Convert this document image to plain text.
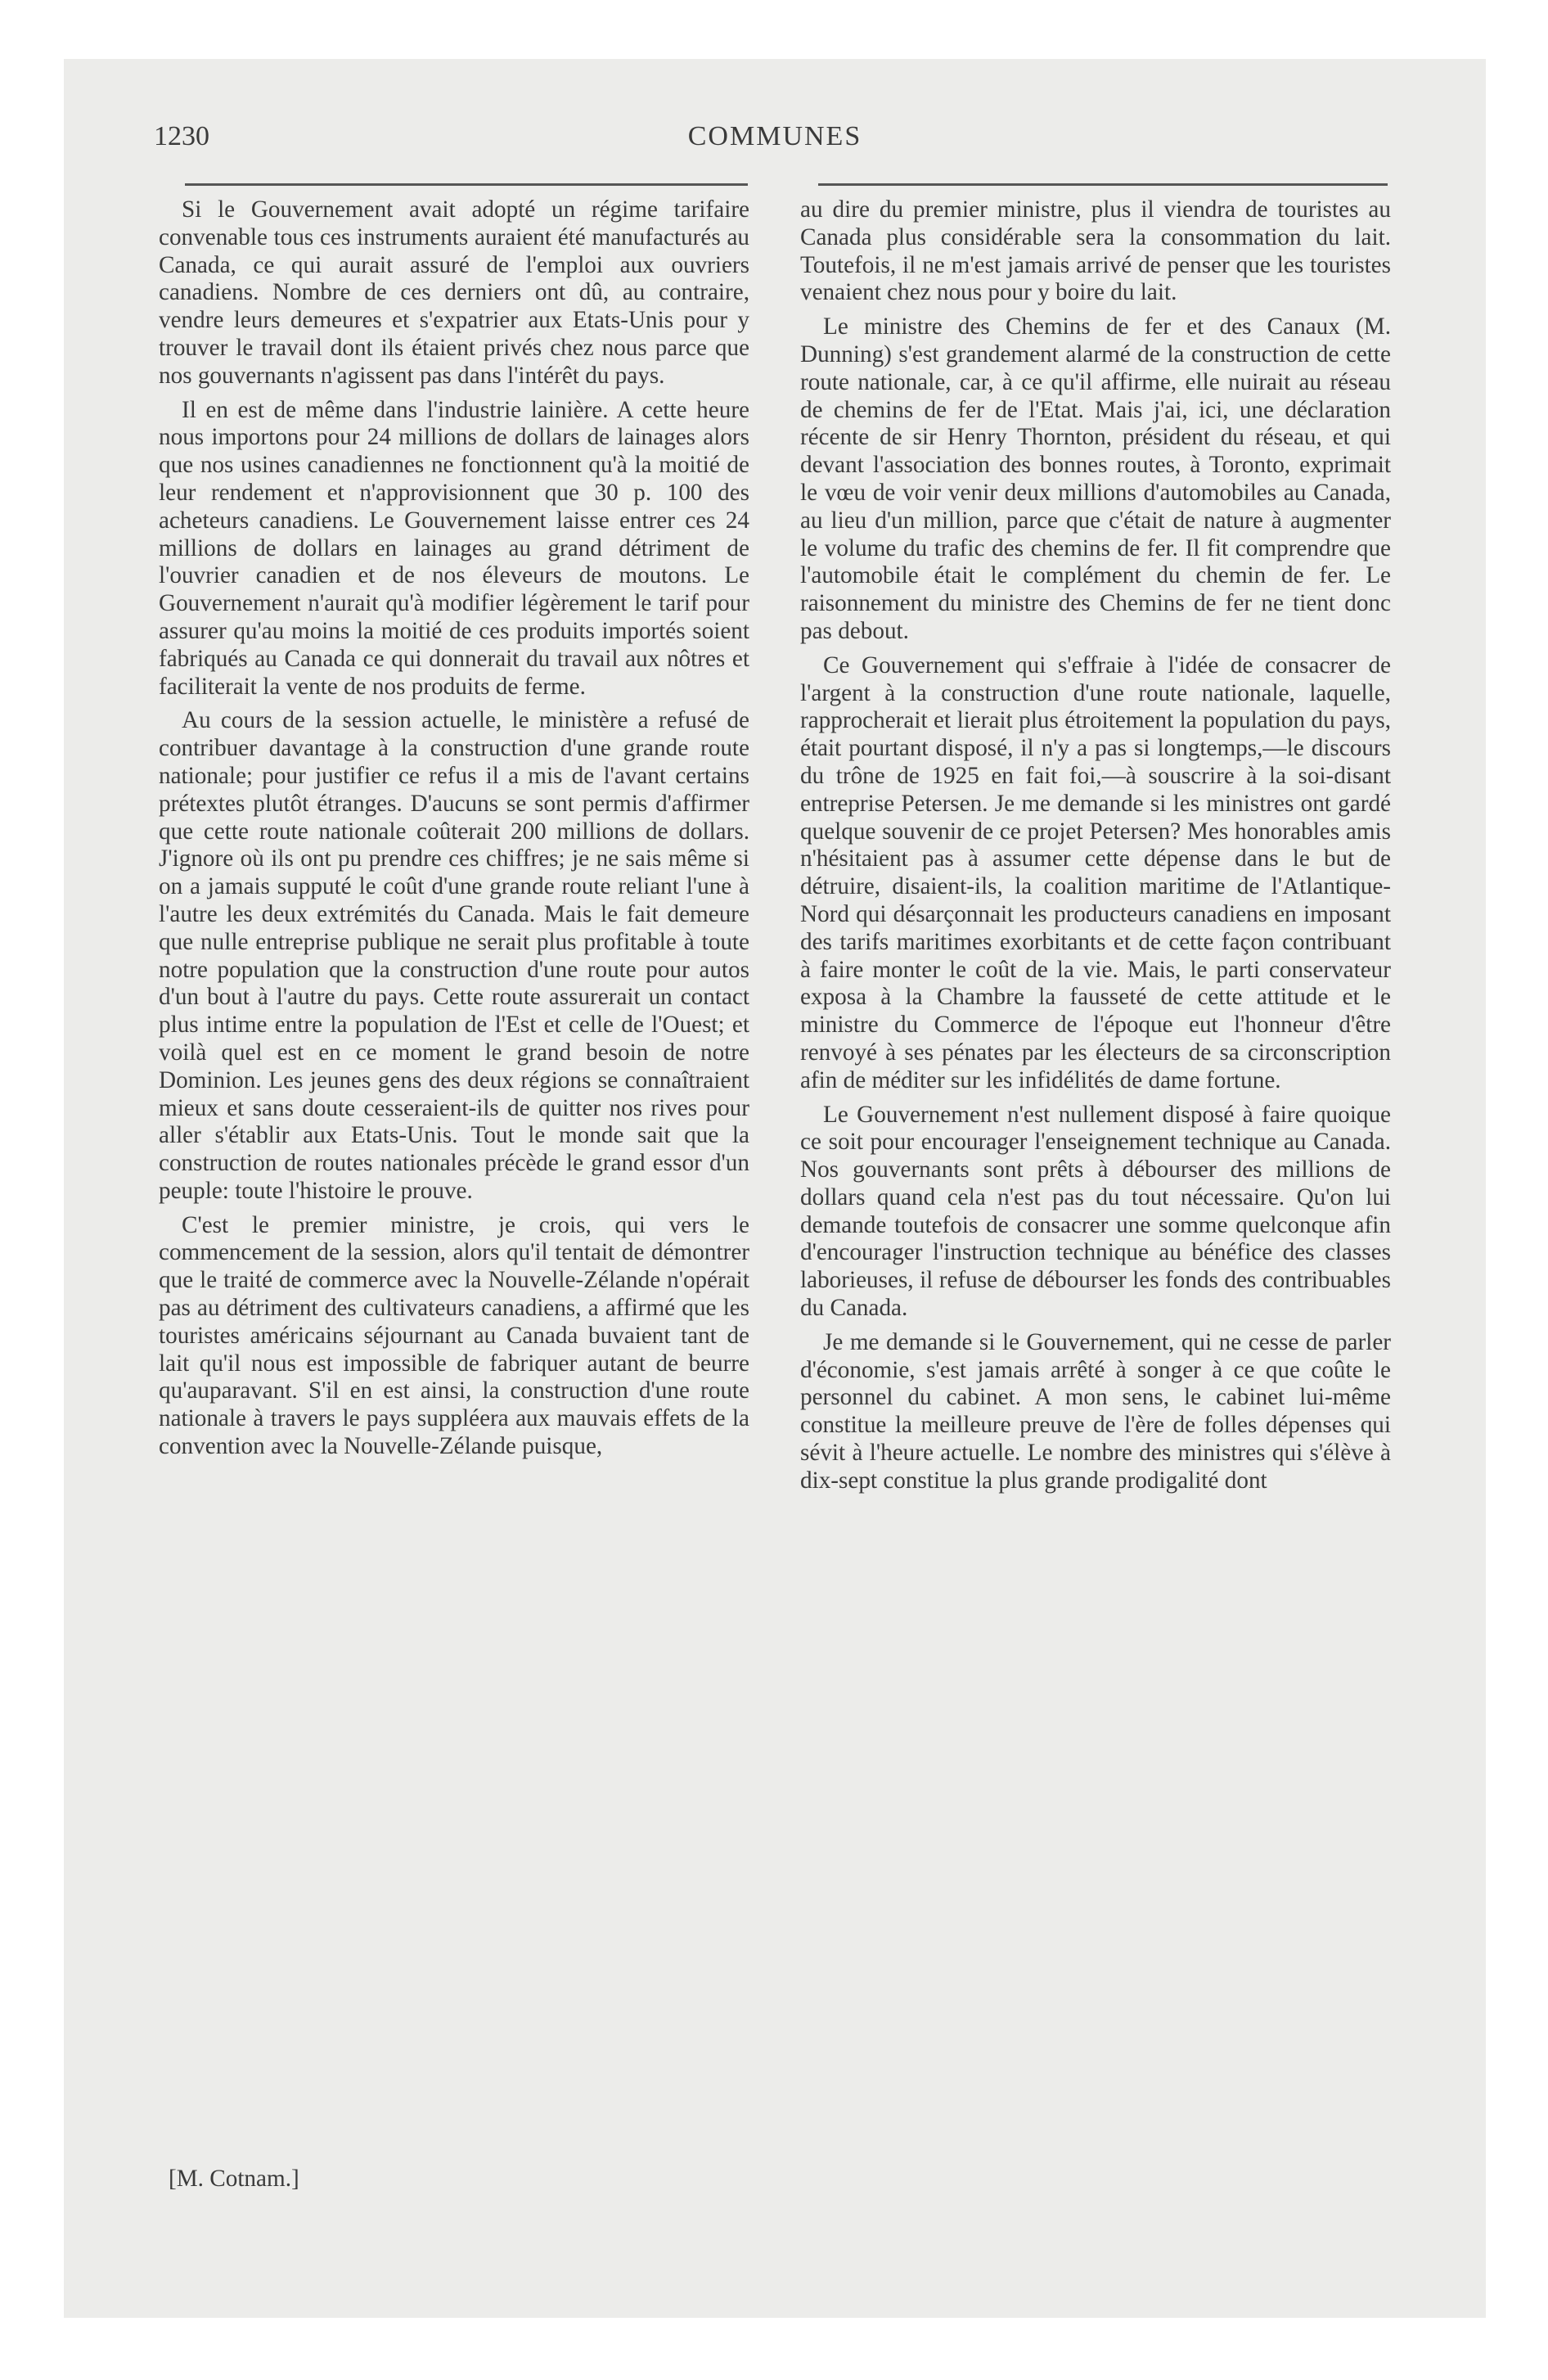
1230	COMMUNES

Si le Gouvernement avait adopté un régime tarifaire convenable tous ces instruments auraient été manufacturés au Canada, ce qui aurait assuré de l'emploi aux ouvriers canadiens. Nombre de ces derniers ont dû, au contraire, vendre leurs demeures et s'expatrier aux Etats-Unis pour y trouver le travail dont ils étaient privés chez nous parce que nos gouvernants n'agissent pas dans l'intérêt du pays.

Il en est de même dans l'industrie lainière. A cette heure nous importons pour 24 millions de dollars de lainages alors que nos usines canadiennes ne fonctionnent qu'à la moitié de leur rendement et n'approvisionnent que 30 p. 100 des acheteurs canadiens. Le Gouvernement laisse entrer ces 24 millions de dollars en lainages au grand détriment de l'ouvrier canadien et de nos éleveurs de moutons. Le Gouvernement n'aurait qu'à modifier légèrement le tarif pour assurer qu'au moins la moitié de ces produits importés soient fabriqués au Canada ce qui donnerait du travail aux nôtres et faciliterait la vente de nos produits de ferme.

Au cours de la session actuelle, le ministère a refusé de contribuer davantage à la construction d'une grande route nationale; pour justifier ce refus il a mis de l'avant certains prétextes plutôt étranges. D'aucuns se sont permis d'affirmer que cette route nationale coûterait 200 millions de dollars. J'ignore où ils ont pu prendre ces chiffres; je ne sais même si on a jamais supputé le coût d'une grande route reliant l'une à l'autre les deux extrémités du Canada. Mais le fait demeure que nulle entreprise publique ne serait plus profitable à toute notre population que la construction d'une route pour autos d'un bout à l'autre du pays. Cette route assurerait un contact plus intime entre la population de l'Est et celle de l'Ouest; et voilà quel est en ce moment le grand besoin de notre Dominion. Les jeunes gens des deux régions se connaîtraient mieux et sans doute cesseraient-ils de quitter nos rives pour aller s'établir aux Etats-Unis. Tout le monde sait que la construction de routes nationales précède le grand essor d'un peuple: toute l'histoire le prouve.

C'est le premier ministre, je crois, qui vers le commencement de la session, alors qu'il tentait de démontrer que le traité de commerce avec la Nouvelle-Zélande n'opérait pas au détriment des cultivateurs canadiens, a affirmé que les touristes américains séjournant au Canada buvaient tant de lait qu'il nous est impossible de fabriquer autant de beurre qu'auparavant. S'il en est ainsi, la construction d'une route nationale à travers le pays suppléera aux mauvais effets de la convention avec la Nouvelle-Zélande puisque,

[M. Cotnam.]

au dire du premier ministre, plus il viendra de touristes au Canada plus considérable sera la consommation du lait. Toutefois, il ne m'est jamais arrivé de penser que les touristes venaient chez nous pour y boire du lait.

Le ministre des Chemins de fer et des Canaux (M. Dunning) s'est grandement alarmé de la construction de cette route nationale, car, à ce qu'il affirme, elle nuirait au réseau de chemins de fer de l'Etat. Mais j'ai, ici, une déclaration récente de sir Henry Thornton, président du réseau, et qui devant l'association des bonnes routes, à Toronto, exprimait le vœu de voir venir deux millions d'automobiles au Canada, au lieu d'un million, parce que c'était de nature à augmenter le volume du trafic des chemins de fer. Il fit comprendre que l'automobile était le complément du chemin de fer. Le raisonnement du ministre des Chemins de fer ne tient donc pas debout.

Ce Gouvernement qui s'effraie à l'idée de consacrer de l'argent à la construction d'une route nationale, laquelle, rapprocherait et lierait plus étroitement la population du pays, était pourtant disposé, il n'y a pas si longtemps,—le discours du trône de 1925 en fait foi,—à souscrire à la soi-disant entreprise Petersen. Je me demande si les ministres ont gardé quelque souvenir de ce projet Petersen? Mes honorables amis n'hésitaient pas à assumer cette dépense dans le but de détruire, disaient-ils, la coalition maritime de l'Atlantique-Nord qui désarçonnait les producteurs canadiens en imposant des tarifs maritimes exorbitants et de cette façon contribuant à faire monter le coût de la vie. Mais, le parti conservateur exposa à la Chambre la fausseté de cette attitude et le ministre du Commerce de l'époque eut l'honneur d'être renvoyé à ses pénates par les électeurs de sa circonscription afin de méditer sur les infidélités de dame fortune.

Le Gouvernement n'est nullement disposé à faire quoique ce soit pour encourager l'enseignement technique au Canada. Nos gouvernants sont prêts à débourser des millions de dollars quand cela n'est pas du tout nécessaire. Qu'on lui demande toutefois de consacrer une somme quelconque afin d'encourager l'instruction technique au bénéfice des classes laborieuses, il refuse de débourser les fonds des contribuables du Canada.

Je me demande si le Gouvernement, qui ne cesse de parler d'économie, s'est jamais arrêté à songer à ce que coûte le personnel du cabinet. A mon sens, le cabinet lui-même constitue la meilleure preuve de l'ère de folles dépenses qui sévit à l'heure actuelle. Le nombre des ministres qui s'élève à dix-sept constitue la plus grande prodigalité dont
